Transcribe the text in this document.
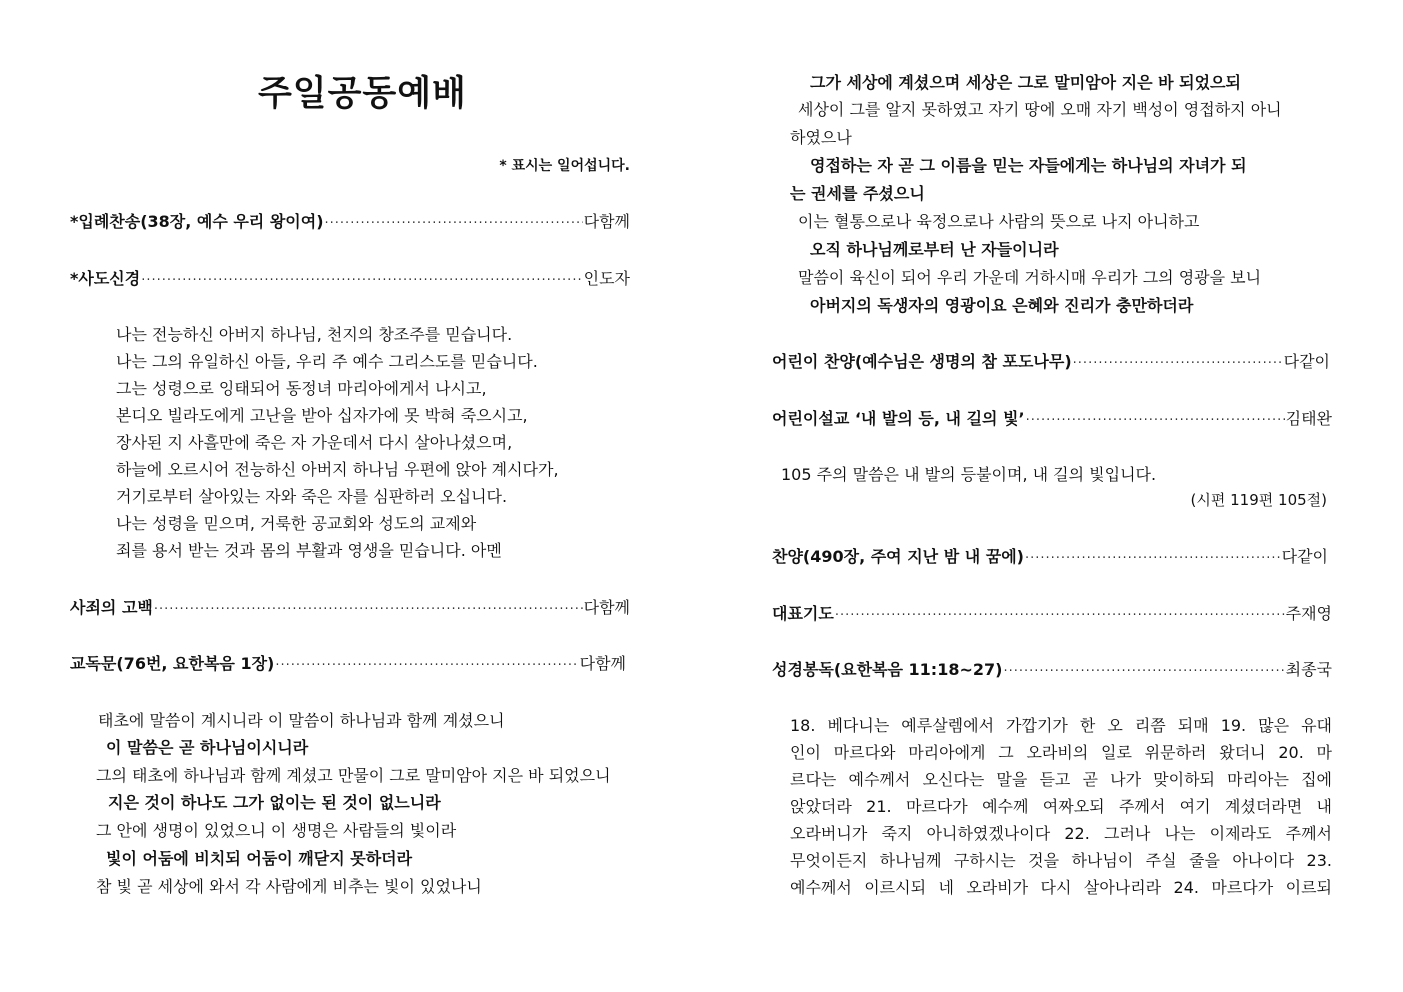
주일공동예배
* 표시는 일어섭니다.
*입례찬송(38장, 예수 우리 왕이여) ·····	다함께
*사도신경 ·····	인도자
나는 전능하신 아버지 하나님, 천지의 창조주를 믿습니다.
나는 그의 유일하신 아들, 우리 주 예수 그리스도를 믿습니다.
그는 성령으로 잉태되어 동정녀 마리아에게서 나시고,
본디오 빌라도에게 고난을 받아 십자가에 못 박혀 죽으시고,
장사된 지 사흘만에 죽은 자 가운데서 다시 살아나셨으며,
하늘에 오르시어 전능하신 아버지 하나님 우편에 앉아 계시다가,
거기로부터 살아있는 자와 죽은 자를 심판하러 오십니다.
나는 성령을 믿으며, 거룩한 공교회와 성도의 교제와
죄를 용서 받는 것과 몸의 부활과 영생을 믿습니다. 아멘
사죄의 고백 ·····	다함께
교독문(76번, 요한복음 1장) ·····	다함께
태초에 말씀이 계시니라 이 말씀이 하나님과 함께 계셨으니
이 말씀은 곧 하나님이시니라
그의 태초에 하나님과 함께 계셨고 만물이 그로 말미암아 지은 바 되었으니
지은 것이 하나도 그가 없이는 된 것이 없느니라
그 안에 생명이 있었으니 이 생명은 사람들의 빛이라
빛이 어둠에 비치되 어둠이 깨닫지 못하더라
참 빛 곧 세상에 와서 각 사람에게 비추는 빛이 있었나니
그가 세상에 계셨으며 세상은 그로 말미암아 지은 바 되었으되
세상이 그를 알지 못하였고 자기 땅에 오매 자기 백성이 영접하지 아니
하였으나
영접하는 자 곧 그 이름을 믿는 자들에게는 하나님의 자녀가 되
는 권세를 주셨으니
이는 혈통으로나 육정으로나 사람의 뜻으로 나지 아니하고
오직 하나님께로부터 난 자들이니라
말씀이 육신이 되어 우리 가운데 거하시매 우리가 그의 영광을 보니
아버지의 독생자의 영광이요 은혜와 진리가 충만하더라
어린이 찬양(예수님은 생명의 참 포도나무) ·····	다같이
어린이설교 ‘내 발의 등, 내 길의 빛’ ·····	김태완
105 주의 말씀은 내 발의 등불이며, 내 길의 빛입니다.
(시편 119편 105절)
찬양(490장, 주여 지난 밤 내 꿈에) ·····	다같이
대표기도 ·····	주재영
성경봉독(요한복음 11:18~27) ·····	최종국
18. 베다니는 예루살렘에서 가깝기가 한 오 리쯤 되매 19. 많은 유대
인이 마르다와 마리아에게 그 오라비의 일로 위문하러 왔더니 20. 마
르다는 예수께서 오신다는 말을 듣고 곧 나가 맞이하되 마리아는 집에
앉았더라 21. 마르다가 예수께 여짜오되 주께서 여기 계셨더라면 내
오라버니가 죽지 아니하였겠나이다 22. 그러나 나는 이제라도 주께서
무엇이든지 하나님께 구하시는 것을 하나님이 주실 줄을 아나이다 23.
예수께서 이르시되 네 오라비가 다시 살아나리라 24. 마르다가 이르되
